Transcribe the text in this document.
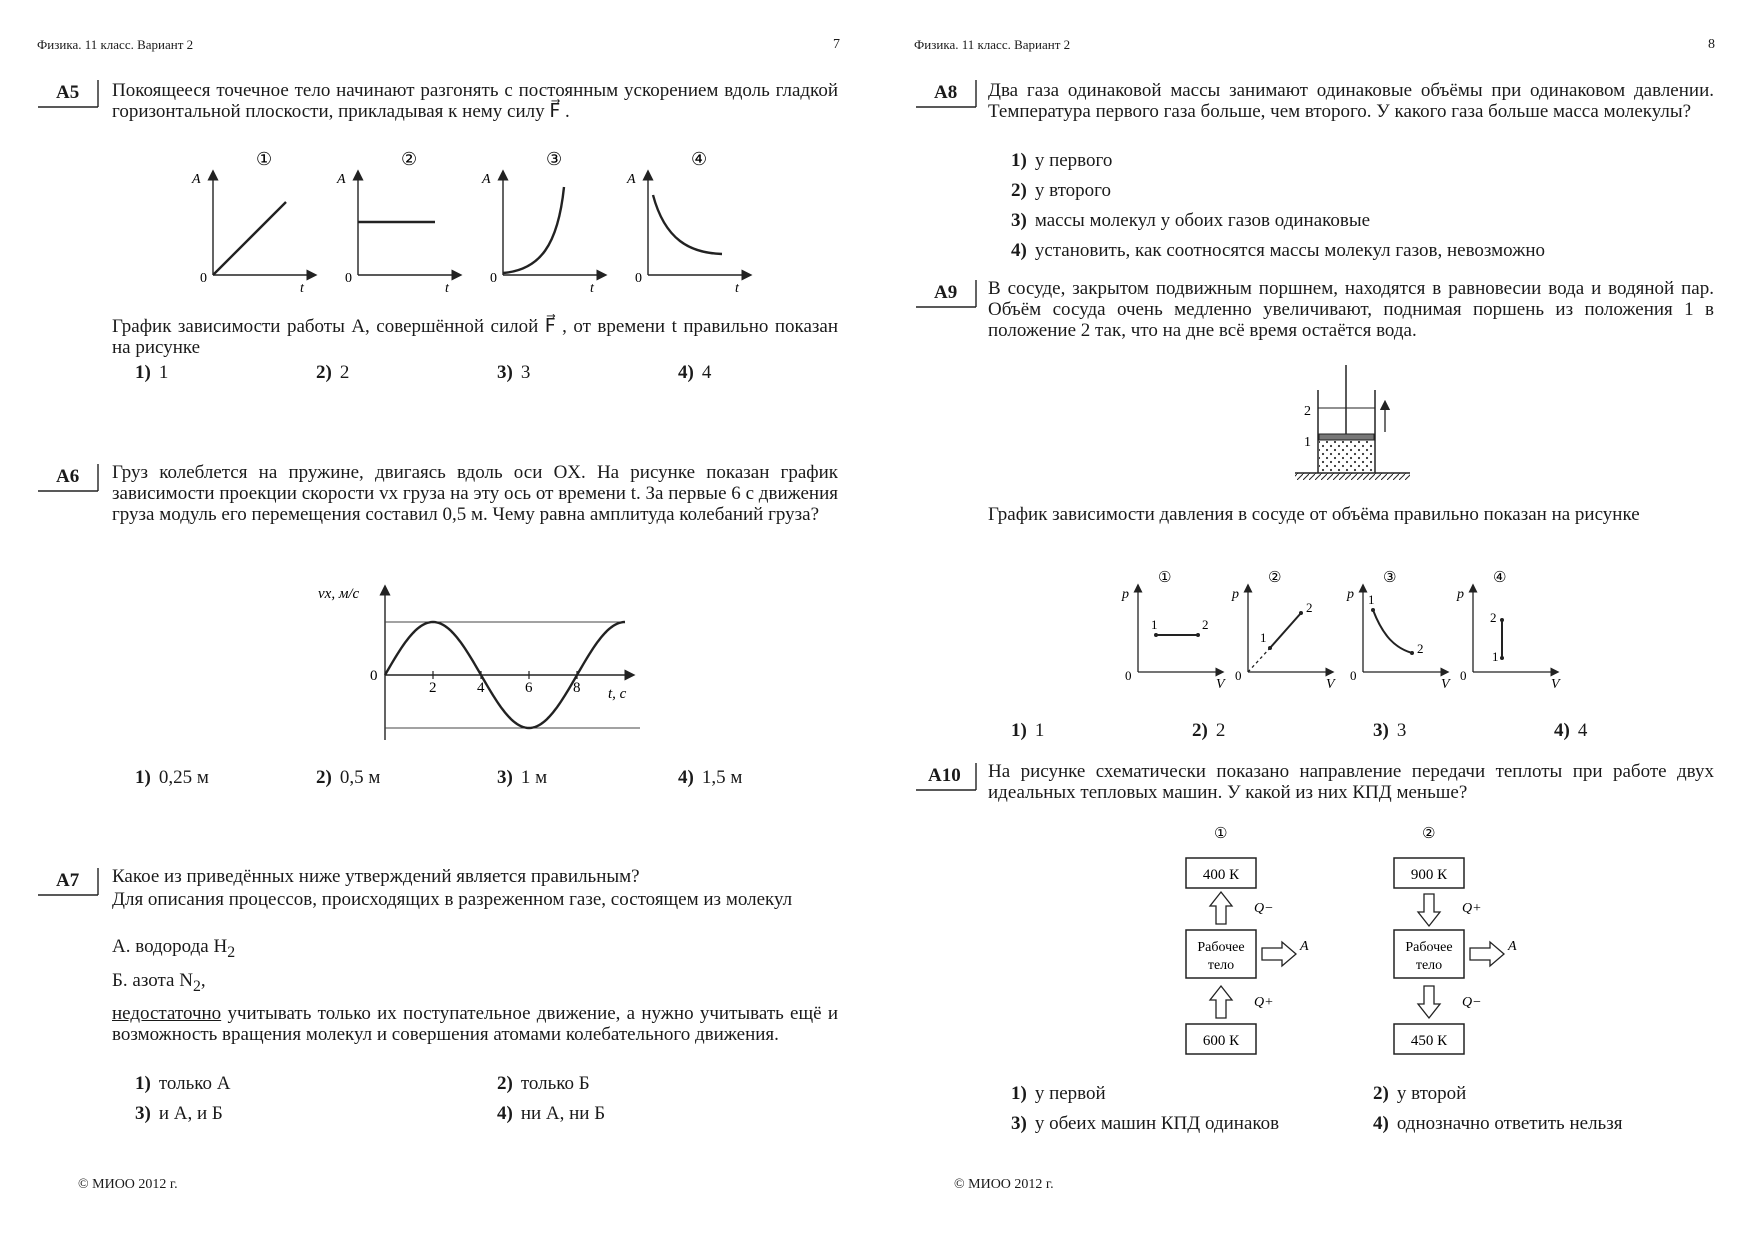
Физика. 11 класс. Вариант 2	7
А5 Покоящееся точечное тело начинают разгонять с постоянным ускорением вдоль гладкой горизонтальной плоскости, прикладывая к нему силу F⃗ .
①
A
0
t
②
A
0
t
③
A
0
t
④
A
0
t
График зависимости работы A, совершённой силой F⃗ , от времени t правильно показан на рисунке
1) 1	2) 2	3) 3	4) 4
А6 Груз колеблется на пружине, двигаясь вдоль оси OX. На рисунке показан график зависимости проекции скорости vx груза на эту ось от времени t. За первые 6 с движения груза модуль его перемещения составил 0,5 м. Чему равна амплитуда колебаний груза?
vx, м/с
0
t, с
2	4	6	8
1) 0,25 м	2) 0,5 м	3) 1 м	4) 1,5 м
А7 Какое из приведённых ниже утверждений является правильным?
Для описания процессов, происходящих в разреженном газе, состоящем из молекул
А. водорода $H_2$
Б. азота $N_2$,
недостаточно учитывать только их поступательное движение, а нужно учитывать ещё и возможность вращения молекул и совершения атомами колебательного движения.
1) только А	2) только Б
3) и А, и Б	4) ни А, ни Б
© МИОО 2012 г.
Физика. 11 класс. Вариант 2	8
А8 Два газа одинаковой массы занимают одинаковые объёмы при одинаковом давлении. Температура первого газа больше, чем второго. У какого газа больше масса молекулы?
1) у первого
2) у второго
3) массы молекул у обоих газов одинаковые
4) установить, как соотносятся массы молекул газов, невозможно
А9 В сосуде, закрытом подвижным поршнем, находятся в равновесии вода и водяной пар. Объём сосуда очень медленно увеличивают, поднимая поршень из положения 1 в положение 2 так, что на дне всё время остаётся вода.
2
1
График зависимости давления в сосуде от объёма правильно показан на рисунке
①
p
0
V
1	2
②
p
0
V
1
2
③
p
0
V
1
2
④
p
0
V
1
2
1) 1	2) 2	3) 3	4) 4
А10 На рисунке схематически показано направление передачи теплоты при работе двух идеальных тепловых машин. У какой из них КПД меньше?
①
400 К
Q−
Рабочее
тело
A
Q+
600 К
②
900 К
Q+
Рабочее
тело
A
Q−
450 К
1) у первой	2) у второй
3) у обеих машин КПД одинаков	4) однозначно ответить нельзя
© МИОО 2012 г.
